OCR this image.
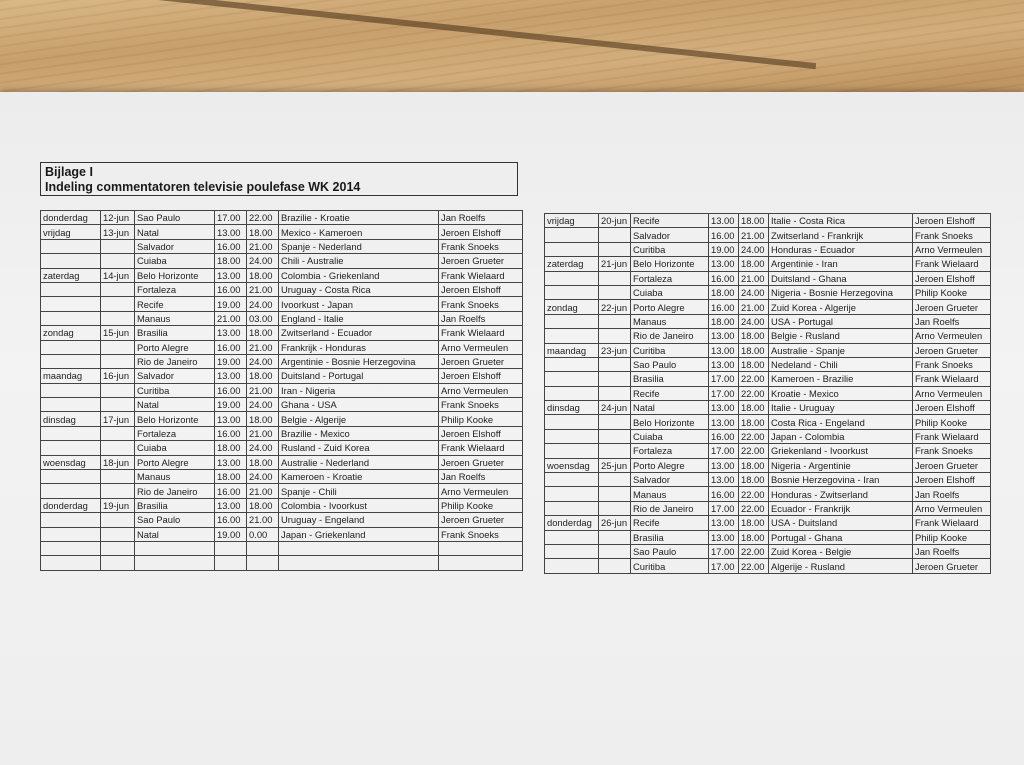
Bijlage I
Indeling commentatoren televisie poulefase WK 2014
donderdag	12-jun	Sao Paulo	17.00	22.00	Brazilie - Kroatie	Jan Roelfs
vrijdag	13-jun	Natal	13.00	18.00	Mexico - Kameroen	Jeroen Elshoff
		Salvador	16.00	21.00	Spanje - Nederland	Frank Snoeks
		Cuiaba	18.00	24.00	Chili - Australie	Jeroen Grueter
zaterdag	14-jun	Belo Horizonte	13.00	18.00	Colombia - Griekenland	Frank Wielaard
		Fortaleza	16.00	21.00	Uruguay - Costa Rica	Jeroen Elshoff
		Recife	19.00	24.00	Ivoorkust - Japan	Frank Snoeks
		Manaus	21.00	03.00	England - Italie	Jan Roelfs
zondag	15-jun	Brasilia	13.00	18.00	Zwitserland - Ecuador	Frank Wielaard
		Porto Alegre	16.00	21.00	Frankrijk - Honduras	Arno Vermeulen
		Rio de Janeiro	19.00	24.00	Argentinie - Bosnie Herzegovina	Jeroen Grueter
maandag	16-jun	Salvador	13.00	18.00	Duitsland - Portugal	Jeroen Elshoff
		Curitiba	16.00	21.00	Iran - Nigeria	Arno Vermeulen
		Natal	19.00	24.00	Ghana - USA	Frank Snoeks
dinsdag	17-jun	Belo Horizonte	13.00	18.00	Belgie - Algerije	Philip Kooke
		Fortaleza	16.00	21.00	Brazilie - Mexico	Jeroen Elshoff
		Cuiaba	18.00	24.00	Rusland - Zuid Korea	Frank Wielaard
woensdag	18-jun	Porto Alegre	13.00	18.00	Australie - Nederland	Jeroen Grueter
		Manaus	18.00	24.00	Kameroen - Kroatie	Jan Roelfs
		Rio de Janeiro	16.00	21.00	Spanje - Chili	Arno Vermeulen
donderdag	19-jun	Brasilia	13.00	18.00	Colombia - Ivoorkust	Philip Kooke
		Sao Paulo	16.00	21.00	Uruguay - Engeland	Jeroen Grueter
		Natal	19.00	0.00	Japan - Griekenland	Frank Snoeks

vrijdag	20-jun	Recife	13.00	18.00	Italie - Costa Rica	Jeroen Elshoff
		Salvador	16.00	21.00	Zwitserland - Frankrijk	Frank Snoeks
		Curitiba	19.00	24.00	Honduras - Ecuador	Arno Vermeulen
zaterdag	21-jun	Belo Horizonte	13.00	18.00	Argentinie - Iran	Frank Wielaard
		Fortaleza	16.00	21.00	Duitsland - Ghana	Jeroen Elshoff
		Cuiaba	18.00	24.00	Nigeria - Bosnie Herzegovina	Philip Kooke
zondag	22-jun	Porto Alegre	16.00	21.00	Zuid Korea - Algerije	Jeroen Grueter
		Manaus	18.00	24.00	USA - Portugal	Jan Roelfs
		Rio de Janeiro	13.00	18.00	Belgie - Rusland	Arno Vermeulen
maandag	23-jun	Curitiba	13.00	18.00	Australie - Spanje	Jeroen Grueter
		Sao Paulo	13.00	18.00	Nedeland - Chili	Frank Snoeks
		Brasilia	17.00	22.00	Kameroen - Brazilie	Frank Wielaard
		Recife	17.00	22.00	Kroatie - Mexico	Arno Vermeulen
dinsdag	24-jun	Natal	13.00	18.00	Italie - Uruguay	Jeroen Elshoff
		Belo Horizonte	13.00	18.00	Costa Rica - Engeland	Philip Kooke
		Cuiaba	16.00	22.00	Japan - Colombia	Frank Wielaard
		Fortaleza	17.00	22.00	Griekenland - Ivoorkust	Frank Snoeks
woensdag	25-jun	Porto Alegre	13.00	18.00	Nigeria - Argentinie	Jeroen Grueter
		Salvador	13.00	18.00	Bosnie Herzegovina - Iran	Jeroen Elshoff
		Manaus	16.00	22.00	Honduras - Zwitserland	Jan Roelfs
		Rio de Janeiro	17.00	22.00	Ecuador - Frankrijk	Arno Vermeulen
donderdag	26-jun	Recife	13.00	18.00	USA - Duitsland	Frank Wielaard
		Brasilia	13.00	18.00	Portugal - Ghana	Philip Kooke
		Sao Paulo	17.00	22.00	Zuid Korea - Belgie	Jan Roelfs
		Curitiba	17.00	22.00	Algerije - Rusland	Jeroen Grueter
